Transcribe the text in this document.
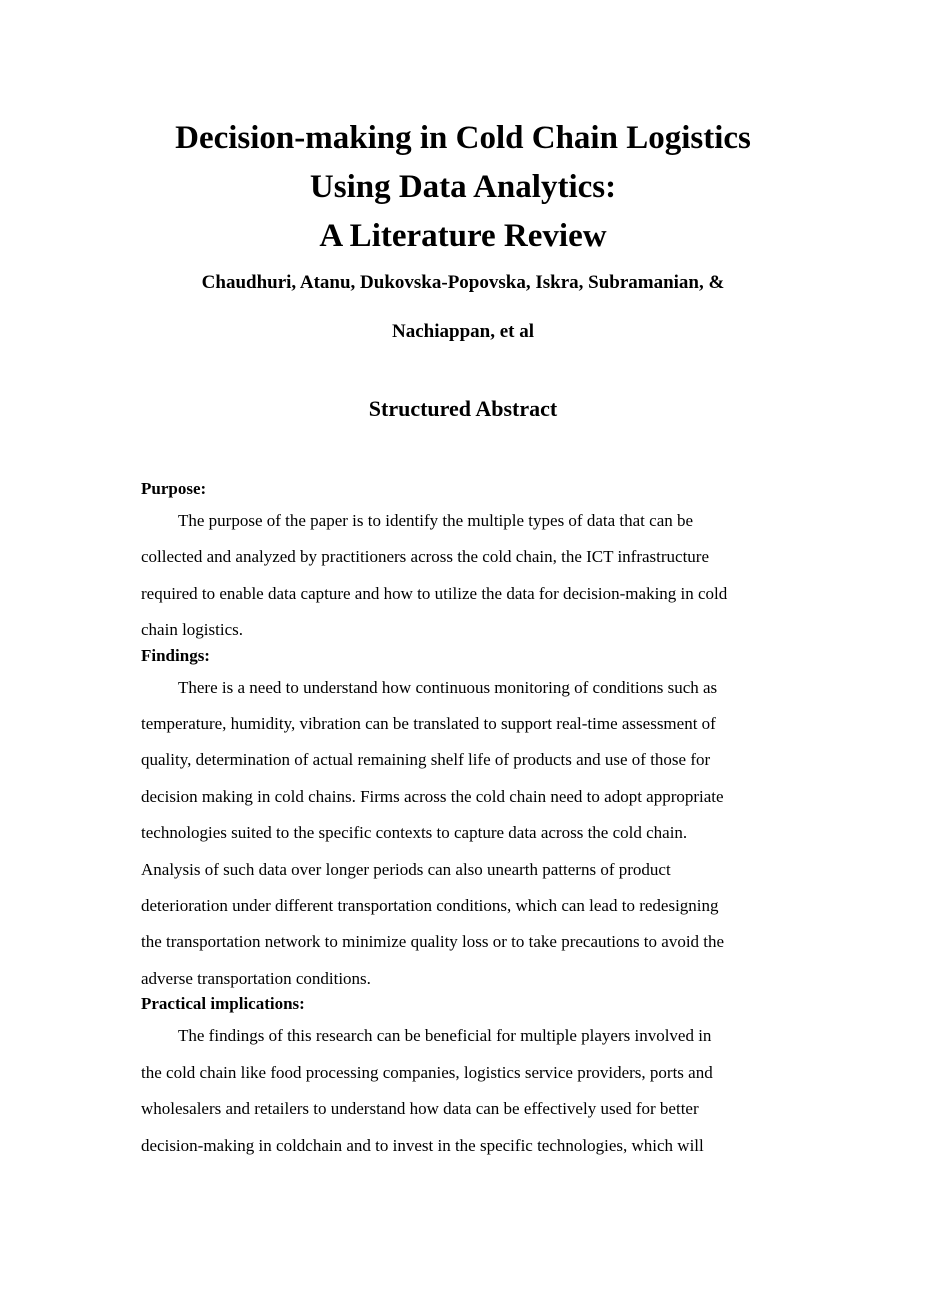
Decision-making in Cold Chain Logistics

Using Data Analytics:

A Literature Review

Chaudhuri, Atanu, Dukovska-Popovska, Iskra, Subramanian, &

Nachiappan, et al

Structured Abstract

Purpose:

The purpose of the paper is to identify the multiple types of data that can be
collected and analyzed by practitioners across the cold chain, the ICT infrastructure
required to enable data capture and how to utilize the data for decision-making in cold
chain logistics.

Findings:

There is a need to understand how continuous monitoring of conditions such as
temperature, humidity, vibration can be translated to support real-time assessment of
quality, determination of actual remaining shelf life of products and use of those for
decision making in cold chains. Firms across the cold chain need to adopt appropriate
technologies suited to the specific contexts to capture data across the cold chain.
Analysis of such data over longer periods can also unearth patterns of product
deterioration under different transportation conditions, which can lead to redesigning
the transportation network to minimize quality loss or to take precautions to avoid the
adverse transportation conditions.

Practical implications:

The findings of this research can be beneficial for multiple players involved in
the cold chain like food processing companies, logistics service providers, ports and
wholesalers and retailers to understand how data can be effectively used for better
decision-making in coldchain and to invest in the specific technologies, which will
